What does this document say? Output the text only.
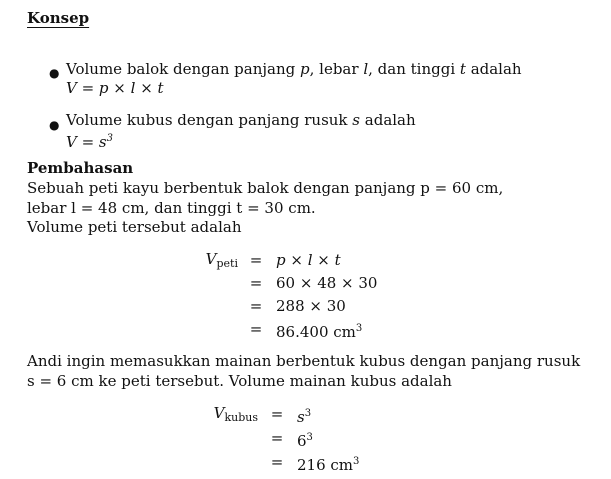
Konsep
● Volume balok dengan panjang p, lebar l, dan tinggi t adalah
V = p × l × t
● Volume kubus dengan panjang rusuk s adalah
$V = s^3$
Pembahasan
Sebuah peti kayu berbentuk balok dengan panjang p = 60 cm,
lebar l = 48 cm, dan tinggi t = 30 cm.
Volume peti tersebut adalah
$V_{peti} = p \times l \times t$
= 60 × 48 × 30
= 288 × 30
= 86.400 $cm^3$
Andi ingin memasukkan mainan berbentuk kubus dengan panjang rusuk
s = 6 cm ke peti tersebut. Volume mainan kubus adalah
$V_{kubus} = s^3$
= $6^3$
= 216 $cm^3$
